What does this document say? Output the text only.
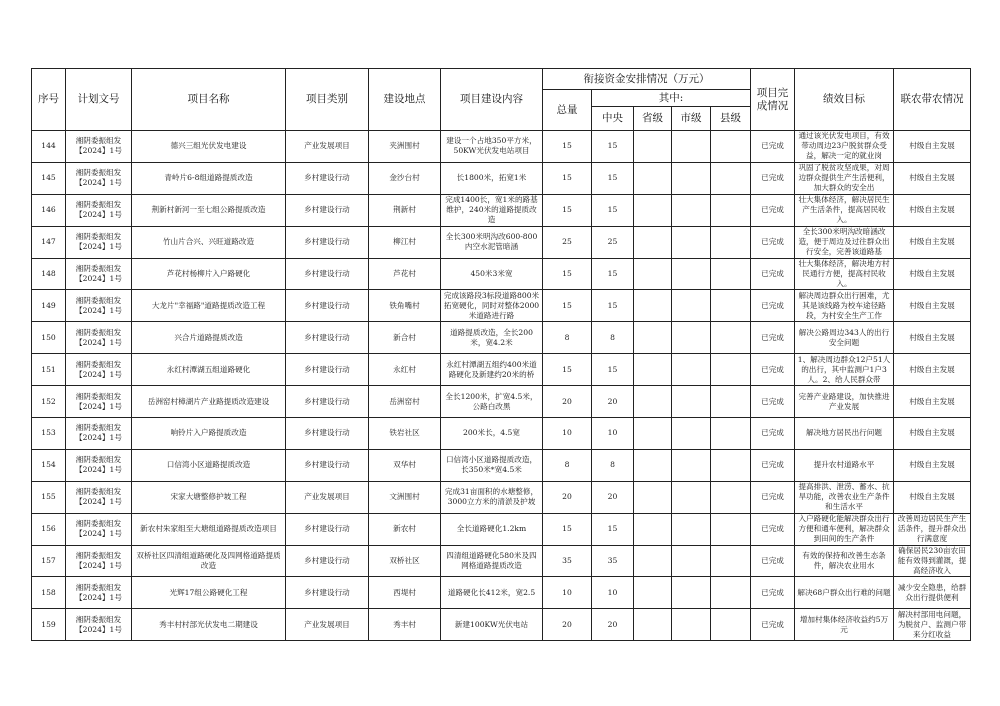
序号	计划文号	项目名称	项目类别	建设地点	项目建设内容	衔接资金安排情况（万元）					项目完成情况	绩效目标	联农带农情况
						总量	其中:						
							中央	省级	市级	县级			

144	湘阴委振组发【2024】1号	德兴三组光伏发电建设	产业发展项目	夹洲围村	建设一个占地350平方米，50KW光伏发电站项目	15	15				已完成	通过该光伏发电项目，有效带动周边23户脱贫群众受益，解决一定的就业岗	村级自主发展

145	湘阴委振组发【2024】1号	青岭片6-8组道路提质改造	乡村建设行动	金沙台村	长1800米，拓宽1米	15	15				已完成	巩固了脱贫攻坚成果，对周边群众提供生产生活便利，加大群众的安全出	村级自主发展

146	湘阴委振组发【2024】1号	荆新村新河一至七组公路提质改造	乡村建设行动	荆新村	完成1400长，宽1米的路基维护，240米的道路提质改造	15	15				已完成	壮大集体经济，解决居民生产生活条件，提高居民收入。	村级自主发展

147	湘阴委振组发【2024】1号	竹山片合兴、兴旺道路改造	乡村建设行动	柳江村	全长300米明沟改600-800内空水泥管暗涵	25	25				已完成	全长300米明沟改暗涵改造，便于周边及过往群众出行安全，完善该道路基	村级自主发展

148	湘阴委振组发【2024】1号	芦花村杨柳片入户路硬化	乡村建设行动	芦花村	450米3米宽	15	15				已完成	壮大集体经济，解决地方村民通行方便，提高村民收入。	村级自主发展

149	湘阴委振组发【2024】1号	大龙片"幸福路"道路提质改造工程	乡村建设行动	铁角嘴村	完成该路段3标段道路800米拓宽硬化，同时对整体2000米道路进行路	15	15				已完成	解决周边群众出行困难，尤其是该线路为校车途径路段，为村安全生产工作	村级自主发展

150	湘阴委振组发【2024】1号	兴合片道路提质改造	乡村建设行动	新合村	道路提质改造，全长200米，宽4.2米	8	8				已完成	解决公路周边343人的出行安全问题	村级自主发展

151	湘阴委振组发【2024】1号	永红村潭湖五组道路硬化	乡村建设行动	永红村	永红村潭湖五组约400米道路硬化及新建约20米的桥	15	15				已完成	1、解决周边群众12户51人的出行，其中监测户1户3人。2、给人民群众带	村级自主发展

152	湘阴委振组发【2024】1号	岳洲窑村樟湖片产业路提质改造建设	乡村建设行动	岳洲窑村	全长1200米，扩宽4.5米，公路白改黑	20	20				已完成	完善产业路建设，加快推进产业发展	村级自主发展

153	湘阴委振组发【2024】1号	响铃片入户路提质改造	乡村建设行动	铁岩社区	200米长，4.5宽	10	10				已完成	解决地方居民出行问题	村级自主发展

154	湘阴委振组发【2024】1号	口信湾小区道路提质改造	乡村建设行动	双华村	口信湾小区道路提质改造，长350米*宽4.5米	8	8				已完成	提升农村道路水平	村级自主发展

155	湘阴委振组发【2024】1号	宋家大塘整修护坡工程	产业发展项目	文洲围村	完成31亩面积的水塘整修，3000立方米的清淤及护坡	20	20				已完成	提高排洪、泄涝、蓄水、抗旱功能，改善农业生产条件和生活水平	村级自主发展

156	湘阴委振组发【2024】1号	新农村朱家组至大塘组道路提质改造项目	乡村建设行动	新农村	全长道路硬化1.2km	15	15				已完成	入户路硬化能解决群众出行方便和通车便利，解决群众到田间的生产条件	改善周边居民生产生活条件，提升群众出行满意度

157	湘阴委振组发【2024】1号	双桥社区四清组道路硬化及四网格道路提质改造	乡村建设行动	双桥社区	四清组道路硬化580米及四网格道路提质改造	35	35				已完成	有效的保持和改善生态条件，解决农业用水	确保居民230亩农田能有效得到灌溉，提高经济收入

158	湘阴委振组发【2024】1号	光辉17组公路硬化工程	乡村建设行动	西堤村	道路硬化长412米，宽2.5	10	10				已完成	解决68户群众出行难的问题	减少安全隐患，给群众出行提供便利

159	湘阴委振组发【2024】1号	秀丰村村部光伏发电二期建设	产业发展项目	秀丰村	新建100KW光伏电站	20	20				已完成	增加村集体经济收益约5万元	解决村部用电问题，为脱贫户、监测户带来分红收益
